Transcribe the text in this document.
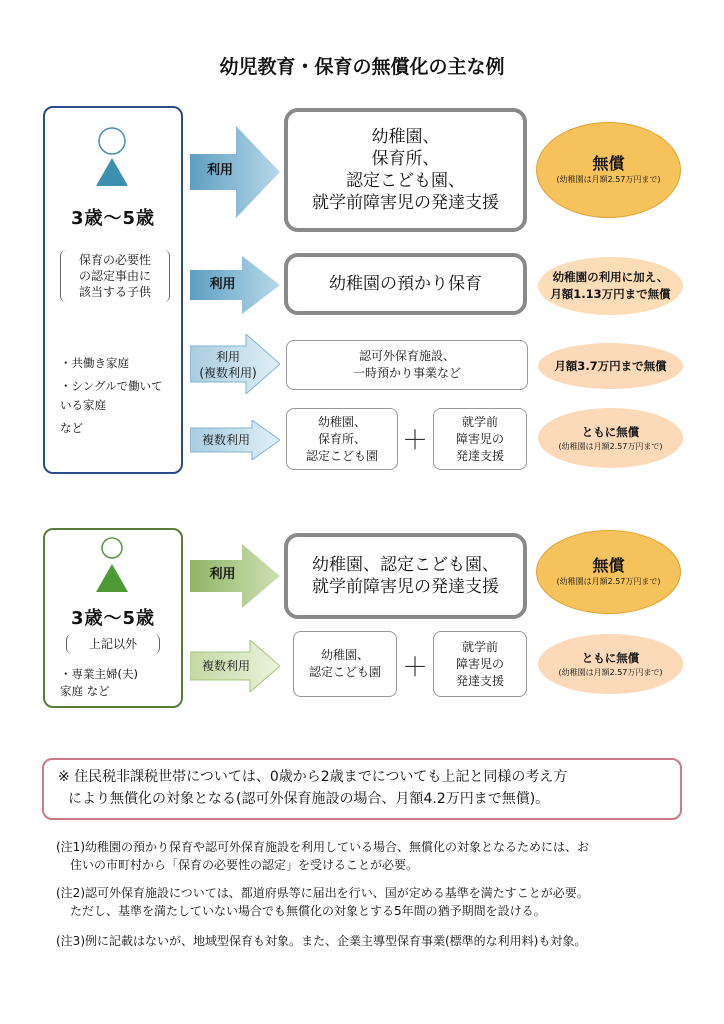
幼児教育・保育の無償化の主な例
3歳〜5歳
保育の必要性
の認定事由に
該当する子供
・共働き家庭
・シングルで働いて
いる家庭
など
利用
幼稚園、
保育所、
認定こども園、
就学前障害児の発達支援
無償
(幼稚園は月額2.57万円まで)
利用	幼稚園の預かり保育	幼稚園の利用に加え、
月額1.13万円まで無償
利用
(複数利用)
認可外保育施設、
一時預かり事業など
月額3.7万円まで無償
複数利用
幼稚園、
保育所、
認定こども園 ＋
就学前
障害児の
発達支援
ともに無償
(幼稚園は月額2.57万円まで)
3歳〜5歳
上記以外
・専業主婦(夫)
家庭 など
利用	幼稚園、認定こども園、
就学前障害児の発達支援
無償
(幼稚園は月額2.57万円まで)
複数利用
幼稚園、
認定こども園 ＋
就学前
障害児の
発達支援
ともに無償
(幼稚園は月額2.57万円まで)
※ 住民税非課税世帯については、0歳から2歳までについても上記と同様の考え方
により無償化の対象となる(認可外保育施設の場合、月額4.2万円まで無償)。
(注1)幼稚園の預かり保育や認可外保育施設を利用している場合、無償化の対象となるためには、お
住いの市町村から「保育の必要性の認定」を受けることが必要。
(注2)認可外保育施設については、都道府県等に届出を行い、国が定める基準を満たすことが必要。
ただし、基準を満たしていない場合でも無償化の対象とする5年間の猶予期間を設ける。
(注3)例に記載はないが、地域型保育も対象。また、企業主導型保育事業(標準的な利用料)も対象。
